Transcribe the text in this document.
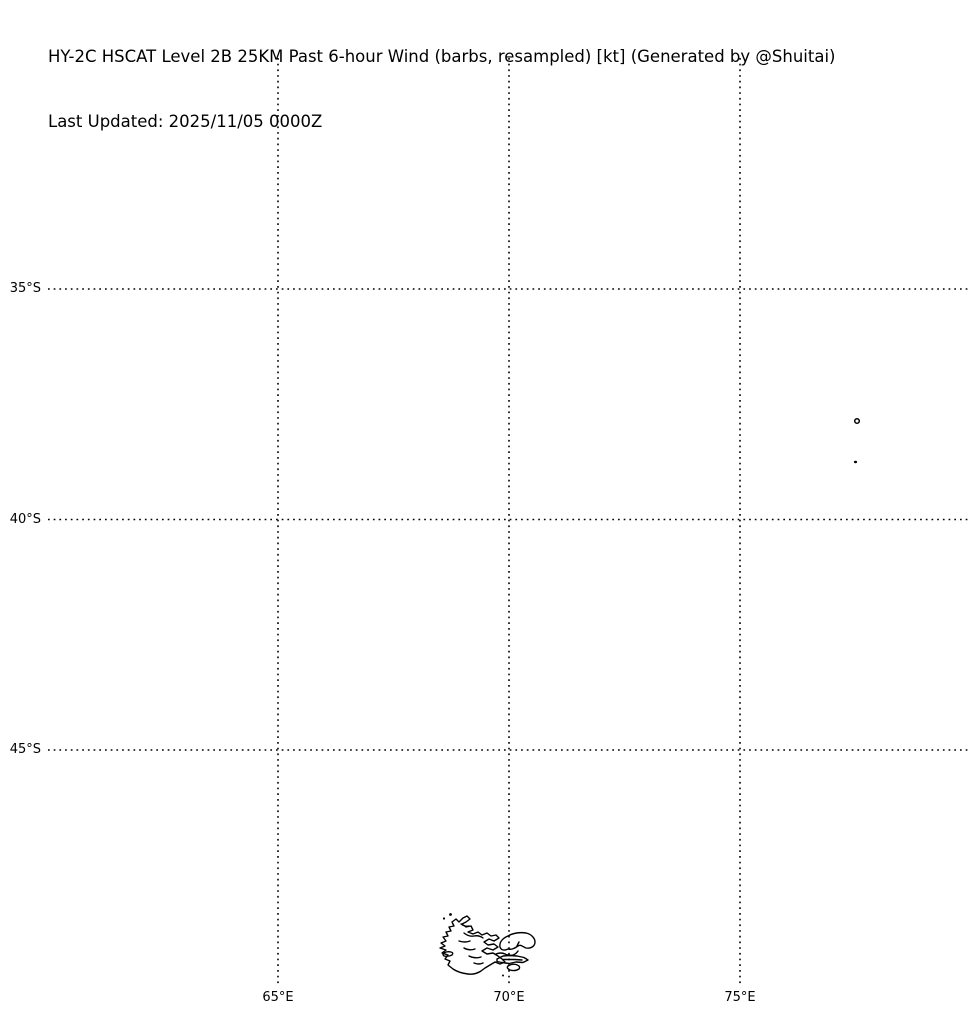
HY-2C HSCAT Level 2B 25KM Past 6-hour Wind (barbs, resampled) [kt] (Generated by @Shuitai)

Last Updated: 2025/11/05 0000Z

35°S
40°S
45°S
65°E	70°E	75°E
